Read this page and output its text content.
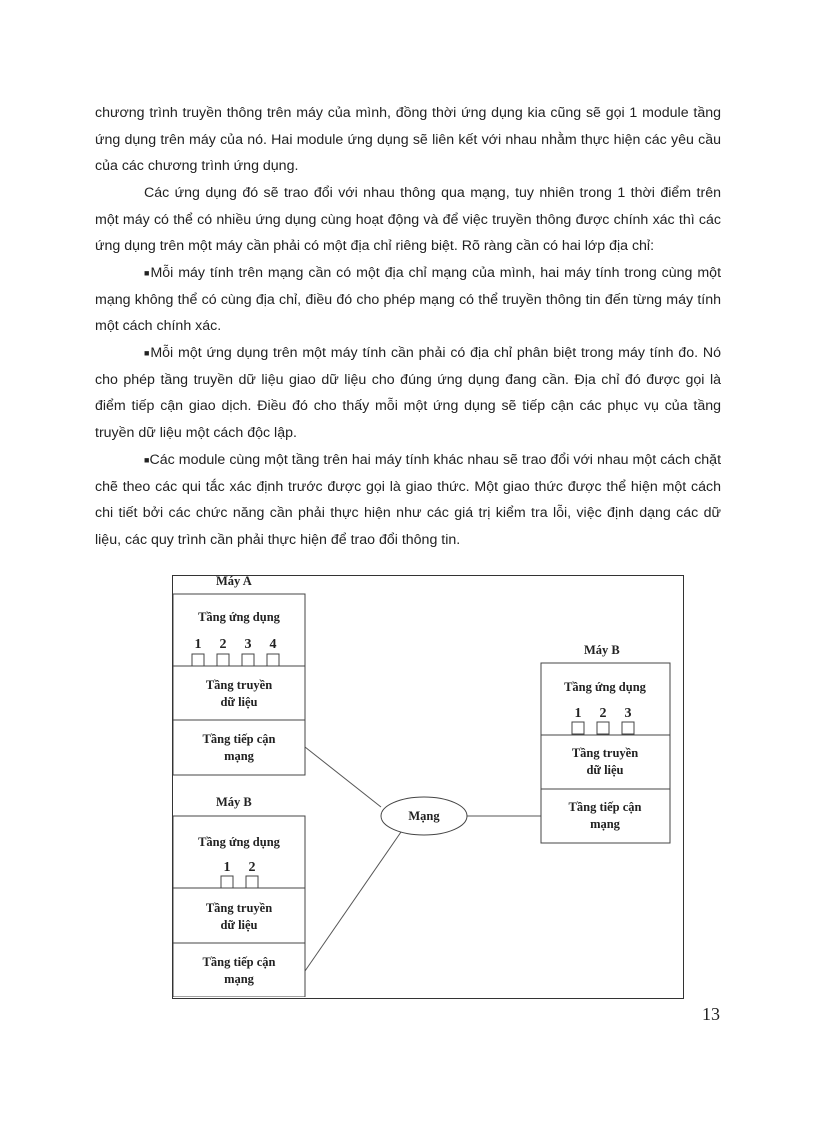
chương trình truyền thông trên máy của mình, đồng thời ứng dụng kia cũng sẽ gọi 1 module tầng ứng dụng trên máy của nó. Hai module ứng dụng sẽ liên kết với nhau nhằm thực hiện các yêu cầu của các chương trình ứng dụng.

Các ứng dụng đó sẽ trao đổi với nhau thông qua mạng, tuy nhiên trong 1 thời điểm trên một máy có thể có nhiều ứng dụng cùng hoạt động và để việc truyền thông được chính xác thì các ứng dụng trên một máy cần phải có một địa chỉ riêng biệt. Rõ ràng cần có hai lớp địa chỉ:

■Mỗi máy tính trên mạng cần có một địa chỉ mạng của mình, hai máy tính trong cùng một mạng không thể có cùng địa chỉ, điều đó cho phép mạng có thể truyền thông tin đến từng máy tính một cách chính xác.

■Mỗi một ứng dụng trên một máy tính cần phải có địa chỉ phân biệt trong máy tính đo. Nó cho phép tầng truyền dữ liệu giao dữ liệu cho đúng ứng dụng đang cần. Địa chỉ đó được gọi là điểm tiếp cận giao dịch. Điều đó cho thấy mỗi một ứng dụng sẽ tiếp cận các phục vụ của tầng truyền dữ liệu một cách độc lập.

■Các module cùng một tầng trên hai máy tính khác nhau sẽ trao đổi với nhau một cách chặt chẽ theo các qui tắc xác định trước được gọi là giao thức. Một giao thức được thể hiện một cách chi tiết bởi các chức năng cần phải thực hiện như các giá trị kiểm tra lỗi, việc định dạng các dữ liệu, các quy trình cần phải thực hiện để trao đổi thông tin.

Máy A
Tầng ứng dụng
1 2 3 4
Tầng truyền
dữ liệu
Tầng tiếp cận
mạng
Máy B
Tầng ứng dụng
1 2
Tầng truyền
dữ liệu
Tầng tiếp cận
mạng
Mạng
Máy B
Tầng ứng dụng
1 2 3
Tầng truyền
dữ liệu
Tầng tiếp cận
mạng
13
